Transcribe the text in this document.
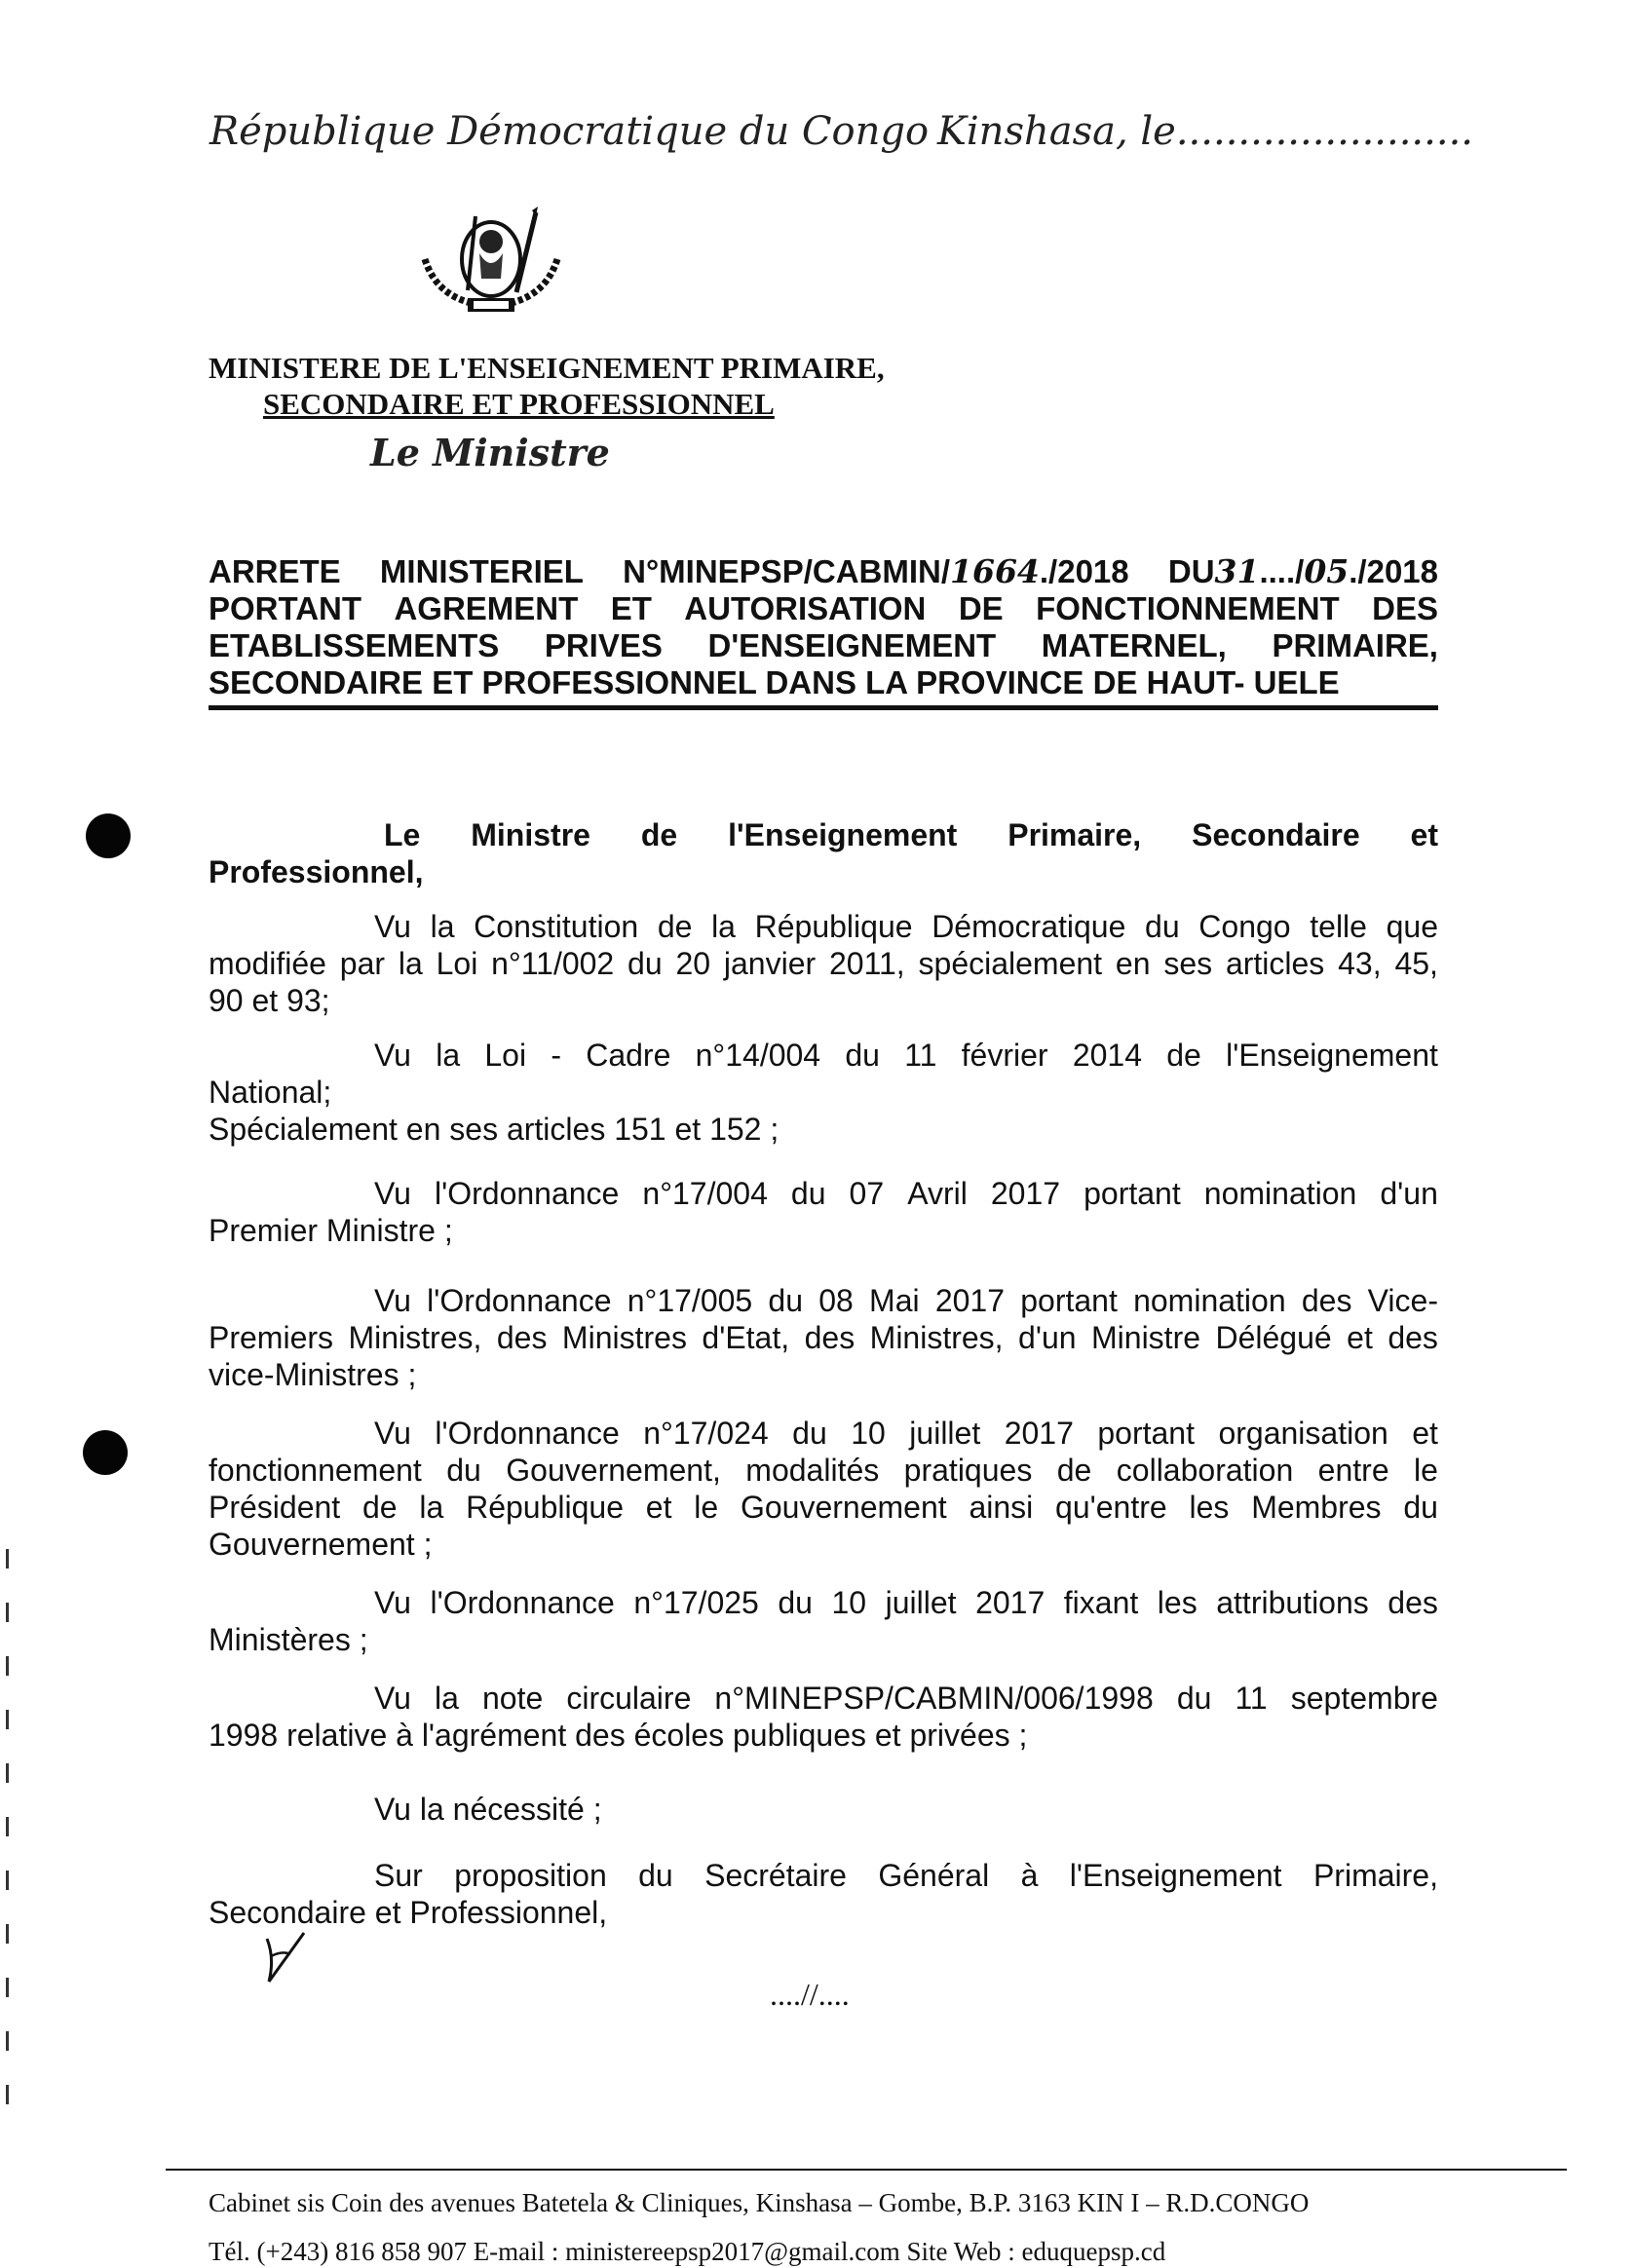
République Démocratique du Congo Kinshasa, le........................
MINISTERE DE L'ENSEIGNEMENT PRIMAIRE,
SECONDAIRE ET PROFESSIONNEL
Le Ministre
ARRETE MINISTERIEL N°MINEPSP/CABMIN/1664./2018 DU31..../05./2018
PORTANT AGREMENT ET AUTORISATION DE FONCTIONNEMENT DES
ETABLISSEMENTS PRIVES D'ENSEIGNEMENT MATERNEL, PRIMAIRE,
SECONDAIRE ET PROFESSIONNEL DANS LA PROVINCE DE HAUT- UELE
Le Ministre de l'Enseignement Primaire, Secondaire et
Professionnel,
Vu la Constitution de la République Démocratique du Congo telle que
modifiée par la Loi n°11/002 du 20 janvier 2011, spécialement en ses articles 43, 45,
90 et 93;
Vu la Loi - Cadre n°14/004 du 11 février 2014 de l'Enseignement
National;
Spécialement en ses articles 151 et 152 ;
Vu l'Ordonnance n°17/004 du 07 Avril 2017 portant nomination d'un
Premier Ministre ;
Vu l'Ordonnance n°17/005 du 08 Mai 2017 portant nomination des Vice-
Premiers Ministres, des Ministres d'Etat, des Ministres, d'un Ministre Délégué et des
vice-Ministres ;
Vu l'Ordonnance n°17/024 du 10 juillet 2017 portant organisation et
fonctionnement du Gouvernement, modalités pratiques de collaboration entre le
Président de la République et le Gouvernement ainsi qu'entre les Membres du
Gouvernement ;
Vu l'Ordonnance n°17/025 du 10 juillet 2017 fixant les attributions des
Ministères ;
Vu la note circulaire n°MINEPSP/CABMIN/006/1998 du 11 septembre
1998 relative à l'agrément des écoles publiques et privées ;
Vu la nécessité ;
Sur proposition du Secrétaire Général à l'Enseignement Primaire,
Secondaire et Professionnel,
....//....
Cabinet sis Coin des avenues Batetela & Cliniques, Kinshasa – Gombe, B.P. 3163 KIN I – R.D.CONGO
Tél. (+243) 816 858 907 E-mail : ministereepsp2017@gmail.com Site Web : eduquepsp.cd
